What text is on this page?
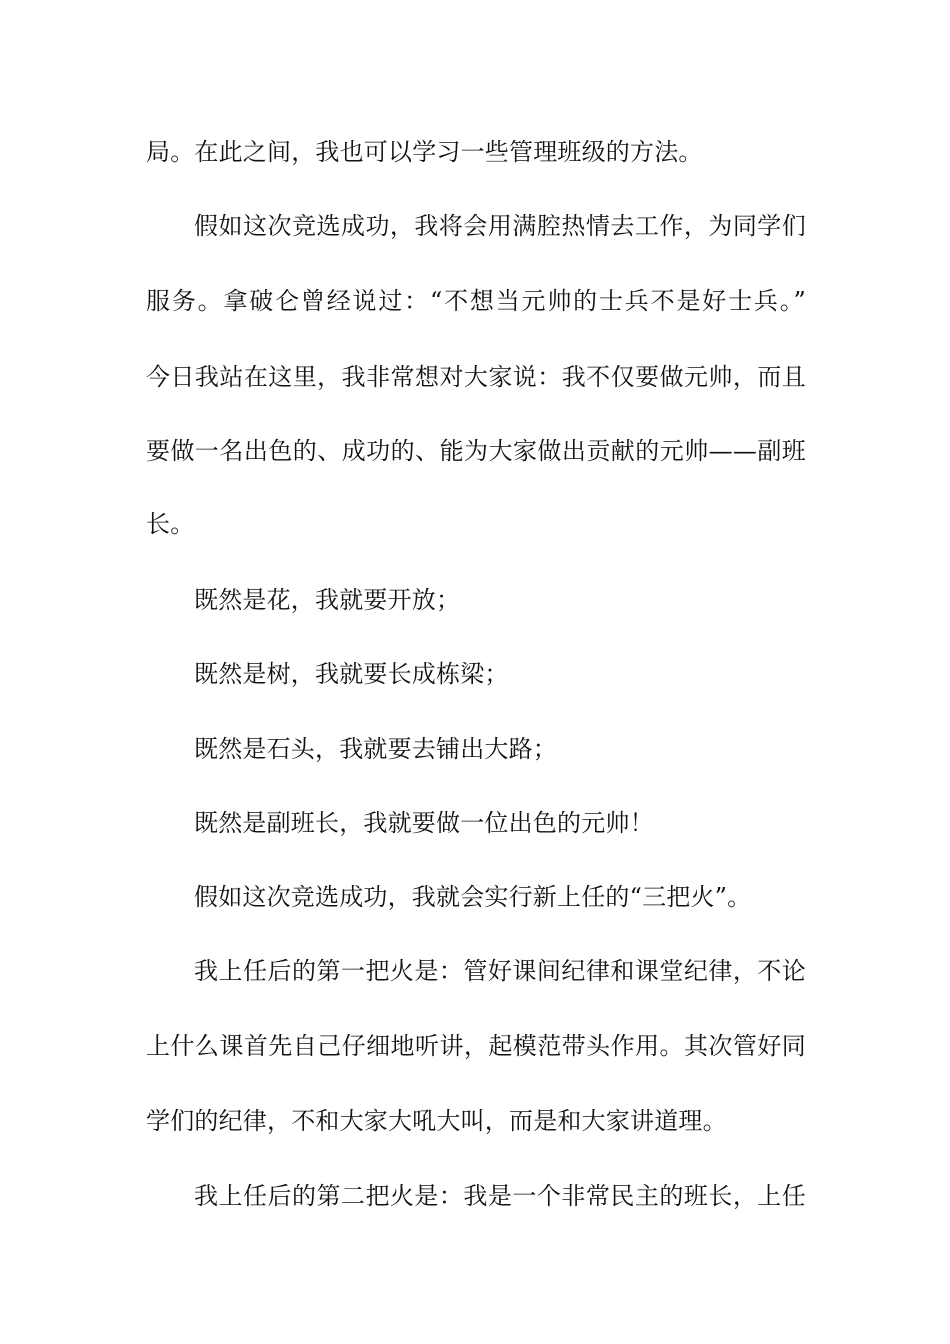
局。在此之间，我也可以学习一些管理班级的方法。
假如这次竞选成功，我将会用满腔热情去工作，为同学们
服务。拿破仑曾经说过：“不想当元帅的士兵不是好士兵。”
今日我站在这里，我非常想对大家说：我不仅要做元帅，而且
要做一名出色的、成功的、能为大家做出贡献的元帅——副班
长。
既然是花，我就要开放；
既然是树，我就要长成栋梁；
既然是石头，我就要去铺出大路；
既然是副班长，我就要做一位出色的元帅！
假如这次竞选成功，我就会实行新上任的“三把火”。
我上任后的第一把火是：管好课间纪律和课堂纪律，不论
上什么课首先自己仔细地听讲，起模范带头作用。其次管好同
学们的纪律，不和大家大吼大叫，而是和大家讲道理。
我上任后的第二把火是：我是一个非常民主的班长，上任
